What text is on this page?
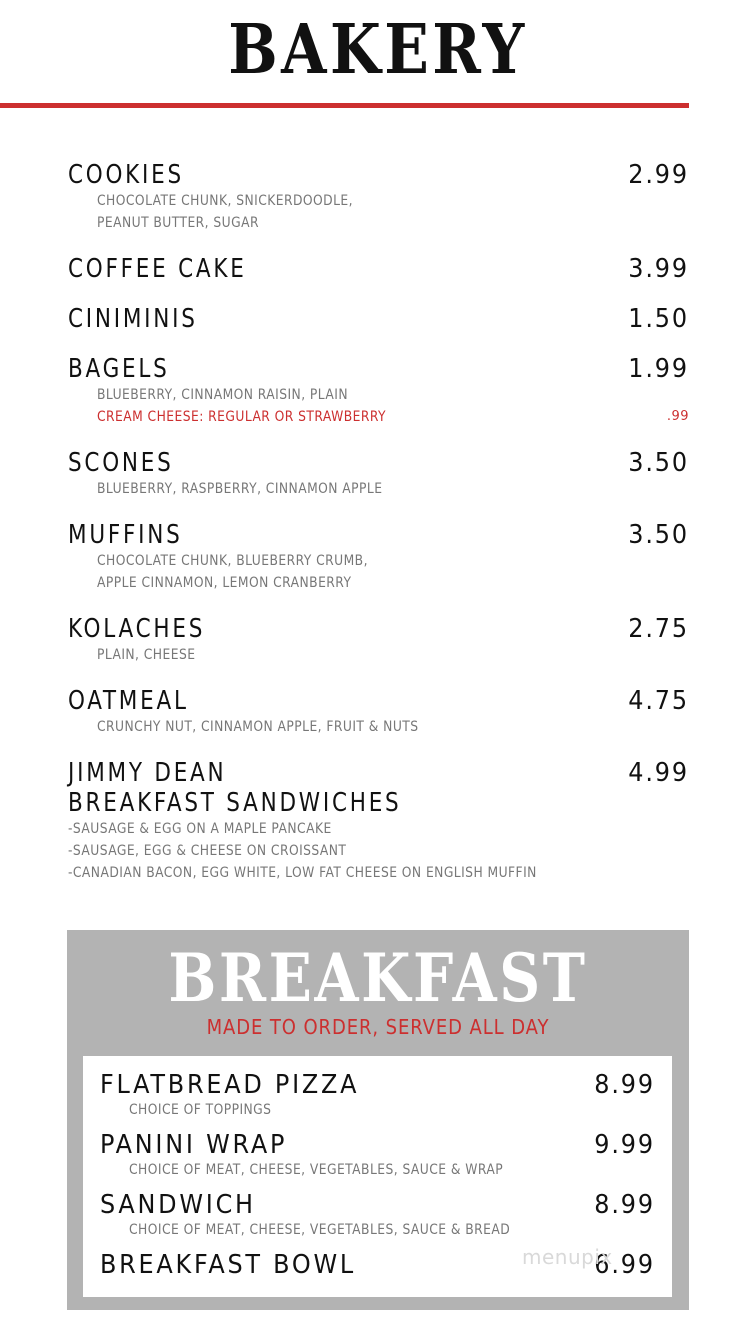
BAKERY
COOKIES	2.99
CHOCOLATE CHUNK, SNICKERDOODLE,
PEANUT BUTTER, SUGAR
COFFEE CAKE	3.99
CINIMINIS	1.50
BAGELS	1.99
BLUEBERRY, CINNAMON RAISIN, PLAIN
CREAM CHEESE: REGULAR OR STRAWBERRY	.99
SCONES	3.50
BLUEBERRY, RASPBERRY, CINNAMON APPLE
MUFFINS	3.50
CHOCOLATE CHUNK, BLUEBERRY CRUMB,
APPLE CINNAMON, LEMON CRANBERRY
KOLACHES	2.75
PLAIN, CHEESE
OATMEAL	4.75
CRUNCHY NUT, CINNAMON APPLE, FRUIT & NUTS
JIMMY DEAN
BREAKFAST SANDWICHES
4.99
-SAUSAGE & EGG ON A MAPLE PANCAKE
-SAUSAGE, EGG & CHEESE ON CROISSANT
-CANADIAN BACON, EGG WHITE, LOW FAT CHEESE ON ENGLISH MUFFIN
BREAKFAST
MADE TO ORDER, SERVED ALL DAY
FLATBREAD PIZZA	8.99
CHOICE OF TOPPINGS
PANINI WRAP	9.99
CHOICE OF MEAT, CHEESE, VEGETABLES, SAUCE & WRAP
SANDWICH	8.99
CHOICE OF MEAT, CHEESE, VEGETABLES, SAUCE & BREAD
BREAKFAST BOWL	6.99
menupix
